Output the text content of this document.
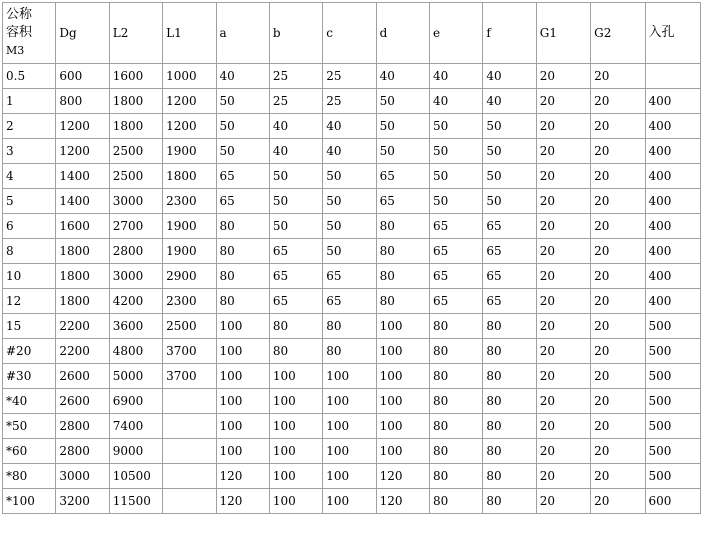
公称
容积
M3	Dg	L2	L1	a	b	c	d	e	f	G1	G2	入孔
0.5	600	1600	1000	40	25	25	40	40	40	20	20	
1	800	1800	1200	50	25	25	50	40	40	20	20	400
2	1200	1800	1200	50	40	40	50	50	50	20	20	400
3	1200	2500	1900	50	40	40	50	50	50	20	20	400
4	1400	2500	1800	65	50	50	65	50	50	20	20	400
5	1400	3000	2300	65	50	50	65	50	50	20	20	400
6	1600	2700	1900	80	50	50	80	65	65	20	20	400
8	1800	2800	1900	80	65	50	80	65	65	20	20	400
10	1800	3000	2900	80	65	65	80	65	65	20	20	400
12	1800	4200	2300	80	65	65	80	65	65	20	20	400
15	2200	3600	2500	100	80	80	100	80	80	20	20	500
#20	2200	4800	3700	100	80	80	100	80	80	20	20	500
#30	2600	5000	3700	100	100	100	100	80	80	20	20	500
*40	2600	6900		100	100	100	100	80	80	20	20	500
*50	2800	7400		100	100	100	100	80	80	20	20	500
*60	2800	9000		100	100	100	100	80	80	20	20	500
*80	3000	10500		120	100	100	120	80	80	20	20	500
*100	3200	11500		120	100	100	120	80	80	20	20	600
